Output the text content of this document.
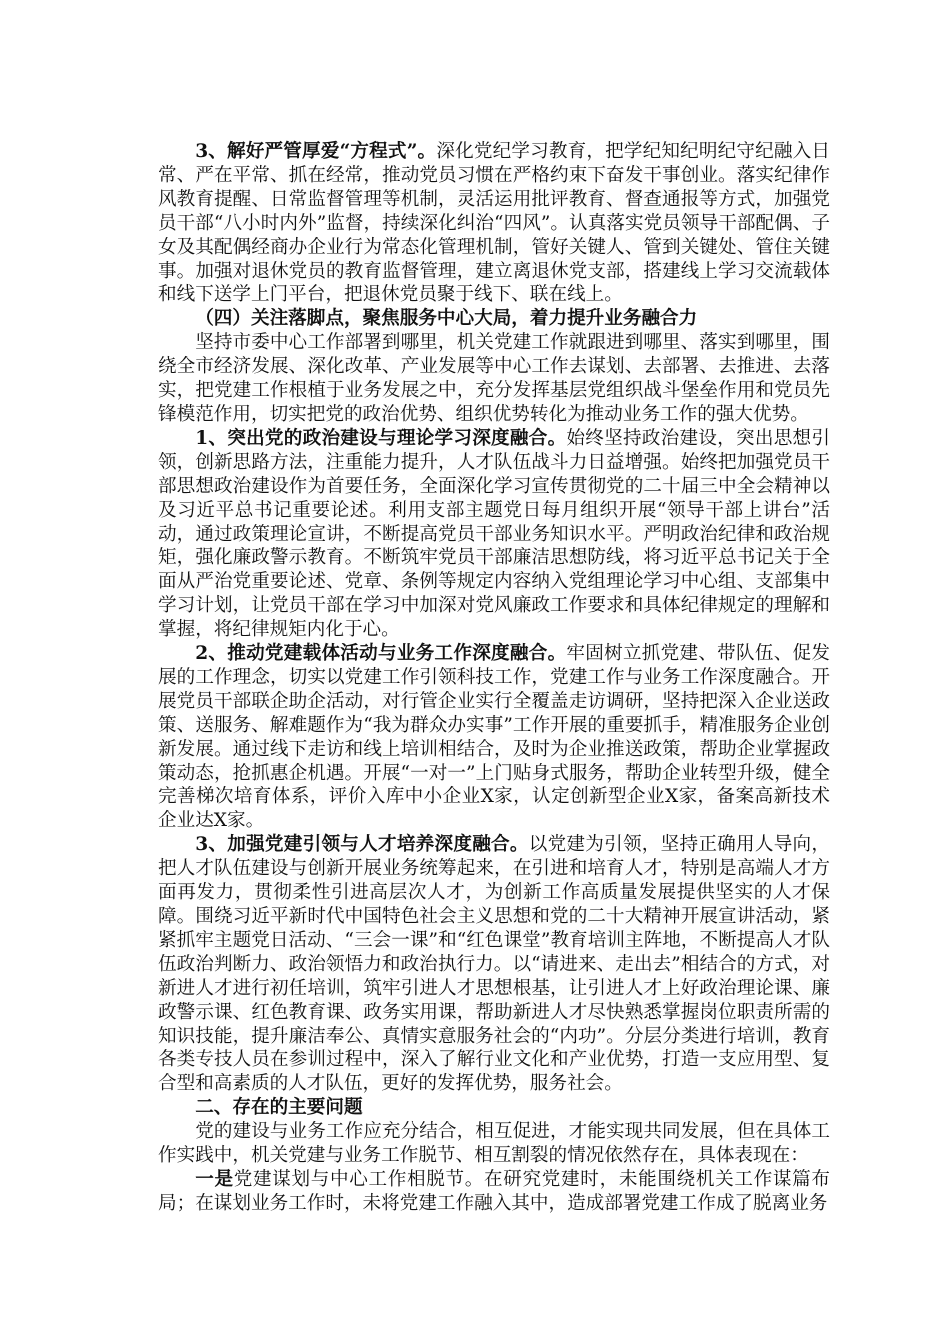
3、解好严管厚爱“方程式”。深化党纪学习教育，把学纪知纪明纪守纪融入日常、严在平常、抓在经常，推动党员习惯在严格约束下奋发干事创业。落实纪律作风教育提醒、日常监督管理等机制，灵活运用批评教育、督查通报等方式，加强党员干部“八小时内外”监督，持续深化纠治“四风”。认真落实党员领导干部配偶、子女及其配偶经商办企业行为常态化管理机制，管好关键人、管到关键处、管住关键事。加强对退休党员的教育监督管理，建立离退休党支部，搭建线上学习交流载体和线下送学上门平台，把退休党员聚于线下、联在线上。

（四）关注落脚点，聚焦服务中心大局，着力提升业务融合力

坚持市委中心工作部署到哪里，机关党建工作就跟进到哪里、落实到哪里，围绕全市经济发展、深化改革、产业发展等中心工作去谋划、去部署、去推进、去落实，把党建工作根植于业务发展之中，充分发挥基层党组织战斗堡垒作用和党员先锋模范作用，切实把党的政治优势、组织优势转化为推动业务工作的强大优势。

1、突出党的政治建设与理论学习深度融合。始终坚持政治建设，突出思想引领，创新思路方法，注重能力提升，人才队伍战斗力日益增强。始终把加强党员干部思想政治建设作为首要任务，全面深化学习宣传贯彻党的二十届三中全会精神以及习近平总书记重要论述。利用支部主题党日每月组织开展“领导干部上讲台”活动，通过政策理论宣讲，不断提高党员干部业务知识水平。严明政治纪律和政治规矩，强化廉政警示教育。不断筑牢党员干部廉洁思想防线，将习近平总书记关于全面从严治党重要论述、党章、条例等规定内容纳入党组理论学习中心组、支部集中学习计划，让党员干部在学习中加深对党风廉政工作要求和具体纪律规定的理解和掌握，将纪律规矩内化于心。

2、推动党建载体活动与业务工作深度融合。牢固树立抓党建、带队伍、促发展的工作理念，切实以党建工作引领科技工作，党建工作与业务工作深度融合。开展党员干部联企助企活动，对行管企业实行全覆盖走访调研，坚持把深入企业送政策、送服务、解难题作为“我为群众办实事”工作开展的重要抓手，精准服务企业创新发展。通过线下走访和线上培训相结合，及时为企业推送政策，帮助企业掌握政策动态，抢抓惠企机遇。开展“一对一”上门贴身式服务，帮助企业转型升级，健全完善梯次培育体系，评价入库中小企业X家，认定创新型企业X家，备案高新技术企业达X家。

3、加强党建引领与人才培养深度融合。以党建为引领，坚持正确用人导向，把人才队伍建设与创新开展业务统筹起来，在引进和培育人才，特别是高端人才方面再发力，贯彻柔性引进高层次人才，为创新工作高质量发展提供坚实的人才保障。围绕习近平新时代中国特色社会主义思想和党的二十大精神开展宣讲活动，紧紧抓牢主题党日活动、“三会一课”和“红色课堂”教育培训主阵地，不断提高人才队伍政治判断力、政治领悟力和政治执行力。以“请进来、走出去”相结合的方式，对新进人才进行初任培训，筑牢引进人才思想根基，让引进人才上好政治理论课、廉政警示课、红色教育课、政务实用课，帮助新进人才尽快熟悉掌握岗位职责所需的知识技能，提升廉洁奉公、真情实意服务社会的“内功”。分层分类进行培训，教育各类专技人员在参训过程中，深入了解行业文化和产业优势，打造一支应用型、复合型和高素质的人才队伍，更好的发挥优势，服务社会。

二、存在的主要问题

党的建设与业务工作应充分结合，相互促进，才能实现共同发展，但在具体工作实践中，机关党建与业务工作脱节、相互割裂的情况依然存在，具体表现在：

一是党建谋划与中心工作相脱节。在研究党建时，未能围绕机关工作谋篇布局；在谋划业务工作时，未将党建工作融入其中，造成部署党建工作成了脱离业务
